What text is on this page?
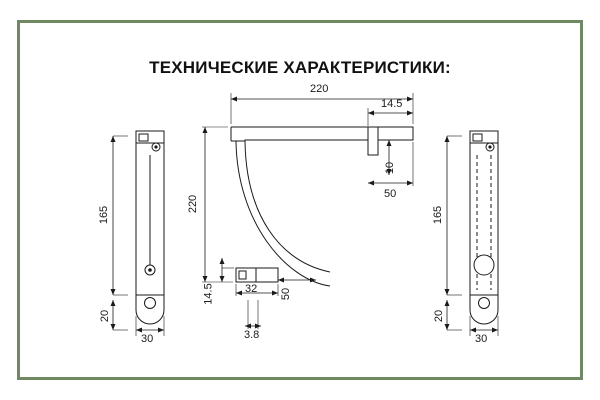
ТЕХНИЧЕСКИЕ ХАРАКТЕРИСТИКИ:
165
20
30
220
14.5
10
50
220
14.5	32 50
3.8
165
20
30
